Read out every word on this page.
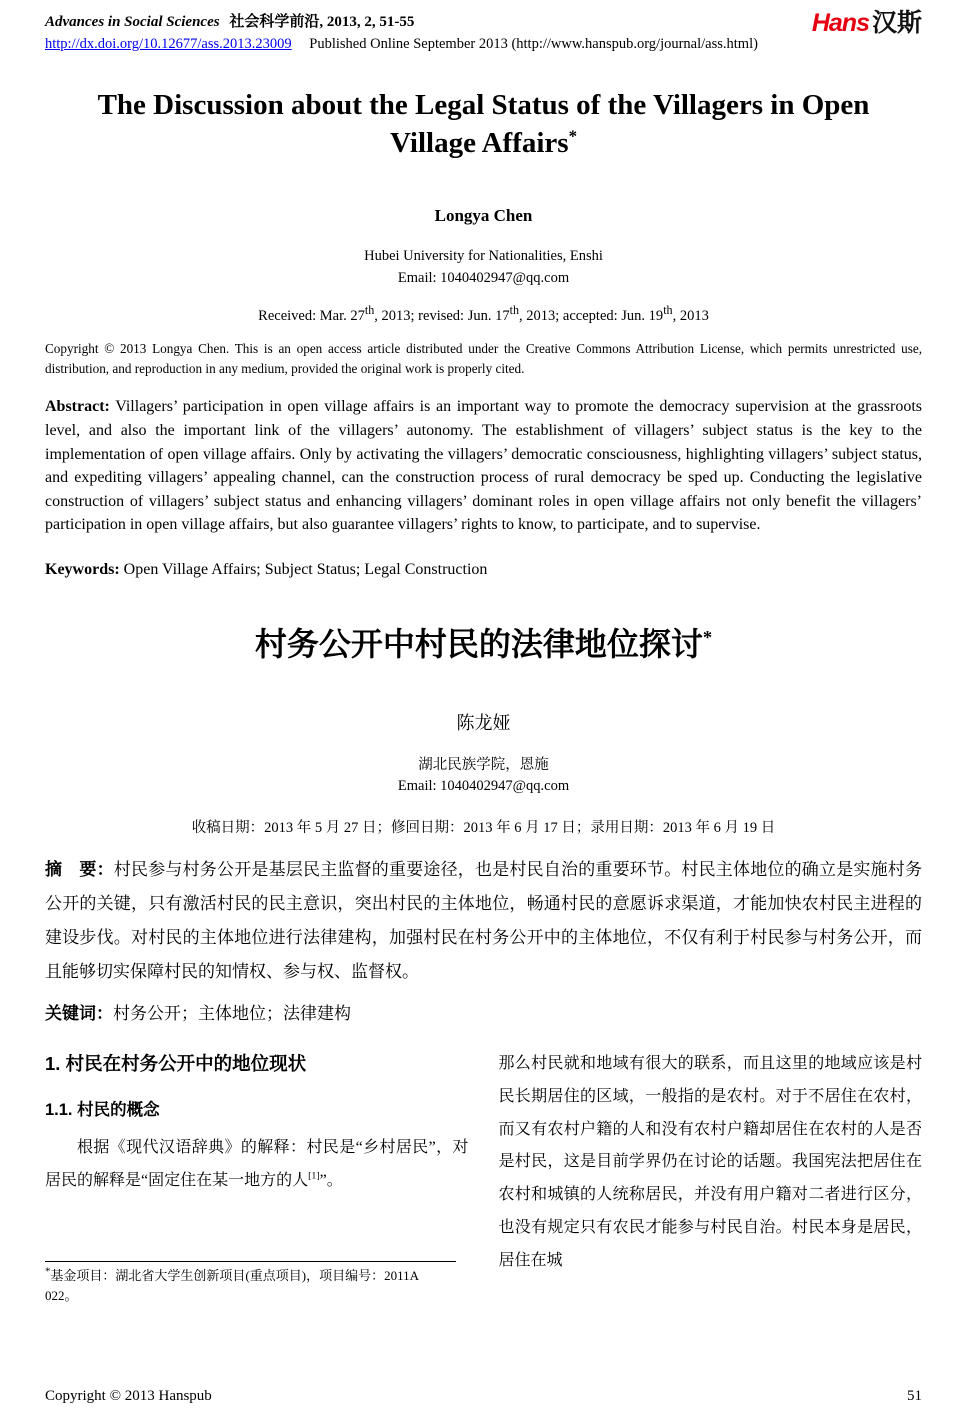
Advances in Social Sciences 社会科学前沿, 2013, 2, 51-55
http://dx.doi.org/10.12677/ass.2013.23009 Published Online September 2013 (http://www.hanspub.org/journal/ass.html)
Hans 汉斯
The Discussion about the Legal Status of the Villagers in Open Village Affairs*
Longya Chen
Hubei University for Nationalities, Enshi
Email: 1040402947@qq.com
Received: Mar. 27th, 2013; revised: Jun. 17th, 2013; accepted: Jun. 19th, 2013

Copyright © 2013 Longya Chen. This is an open access article distributed under the Creative Commons Attribution License, which permits unrestricted use, distribution, and reproduction in any medium, provided the original work is properly cited.

Abstract: Villagers’ participation in open village affairs is an important way to promote the democracy supervision at the grassroots level, and also the important link of the villagers’ autonomy. The establishment of villagers’ subject status is the key to the implementation of open village affairs. Only by activating the villagers’ democratic consciousness, highlighting villagers’ subject status, and expediting villagers’ appealing channel, can the construction process of rural democracy be sped up. Conducting the legislative construction of villagers’ subject status and enhancing villagers’ dominant roles in open village affairs not only benefit the villagers’ participation in open village affairs, but also guarantee villagers’ rights to know, to participate, and to supervise.

Keywords: Open Village Affairs; Subject Status; Legal Construction

村务公开中村民的法律地位探讨*
陈龙娅
湖北民族学院，恩施
Email: 1040402947@qq.com
收稿日期：2013 年 5 月 27 日；修回日期：2013 年 6 月 17 日；录用日期：2013 年 6 月 19 日

摘　要：村民参与村务公开是基层民主监督的重要途径，也是村民自治的重要环节。村民主体地位的确立是实施村务公开的关键，只有激活村民的民主意识，突出村民的主体地位，畅通村民的意愿诉求渠道，才能加快农村民主进程的建设步伐。对村民的主体地位进行法律建构，加强村民在村务公开中的主体地位，不仅有利于村民参与村务公开，而且能够切实保障村民的知情权、参与权、监督权。

关键词：村务公开；主体地位；法律建构

1. 村民在村务公开中的地位现状
1.1. 村民的概念

根据《现代汉语辞典》的解释：村民是“乡村居民”，对居民的解释是“固定住在某一地方的人[1]”。

*基金项目：湖北省大学生创新项目(重点项目)，项目编号：2011A
022。

那么村民就和地域有很大的联系，而且这里的地域应该是村民长期居住的区域，一般指的是农村。对于不居住在农村，而又有农村户籍的人和没有农村户籍却居住在农村的人是否是村民，这是目前学界仍在讨论的话题。我国宪法把居住在农村和城镇的人统称居民，并没有用户籍对二者进行区分，也没有规定只有农民才能参与村民自治。村民本身是居民，居住在城

Copyright © 2013 Hanspub	51
